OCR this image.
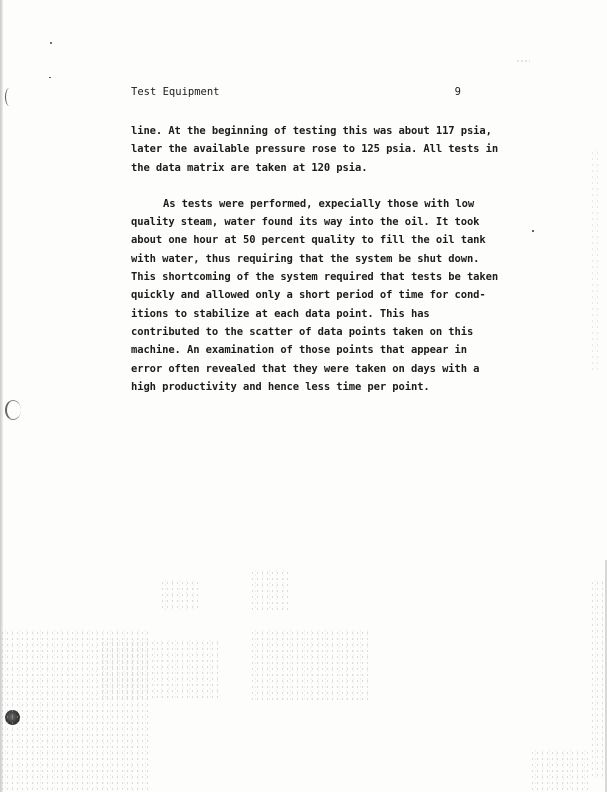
Test Equipment	9

line. At the beginning of testing this was about 117 psia,
later the available pressure rose to 125 psia. All tests in
the data matrix are taken at 120 psia.

As tests were performed, expecially those with low
quality steam, water found its way into the oil. It took
about one hour at 50 percent quality to fill the oil tank
with water, thus requiring that the system be shut down.
This shortcoming of the system required that tests be taken
quickly and allowed only a short period of time for cond-
itions to stabilize at each data point. This has
contributed to the scatter of data points taken on this
machine. An examination of those points that appear in
error often revealed that they were taken on days with a
high productivity and hence less time per point.
